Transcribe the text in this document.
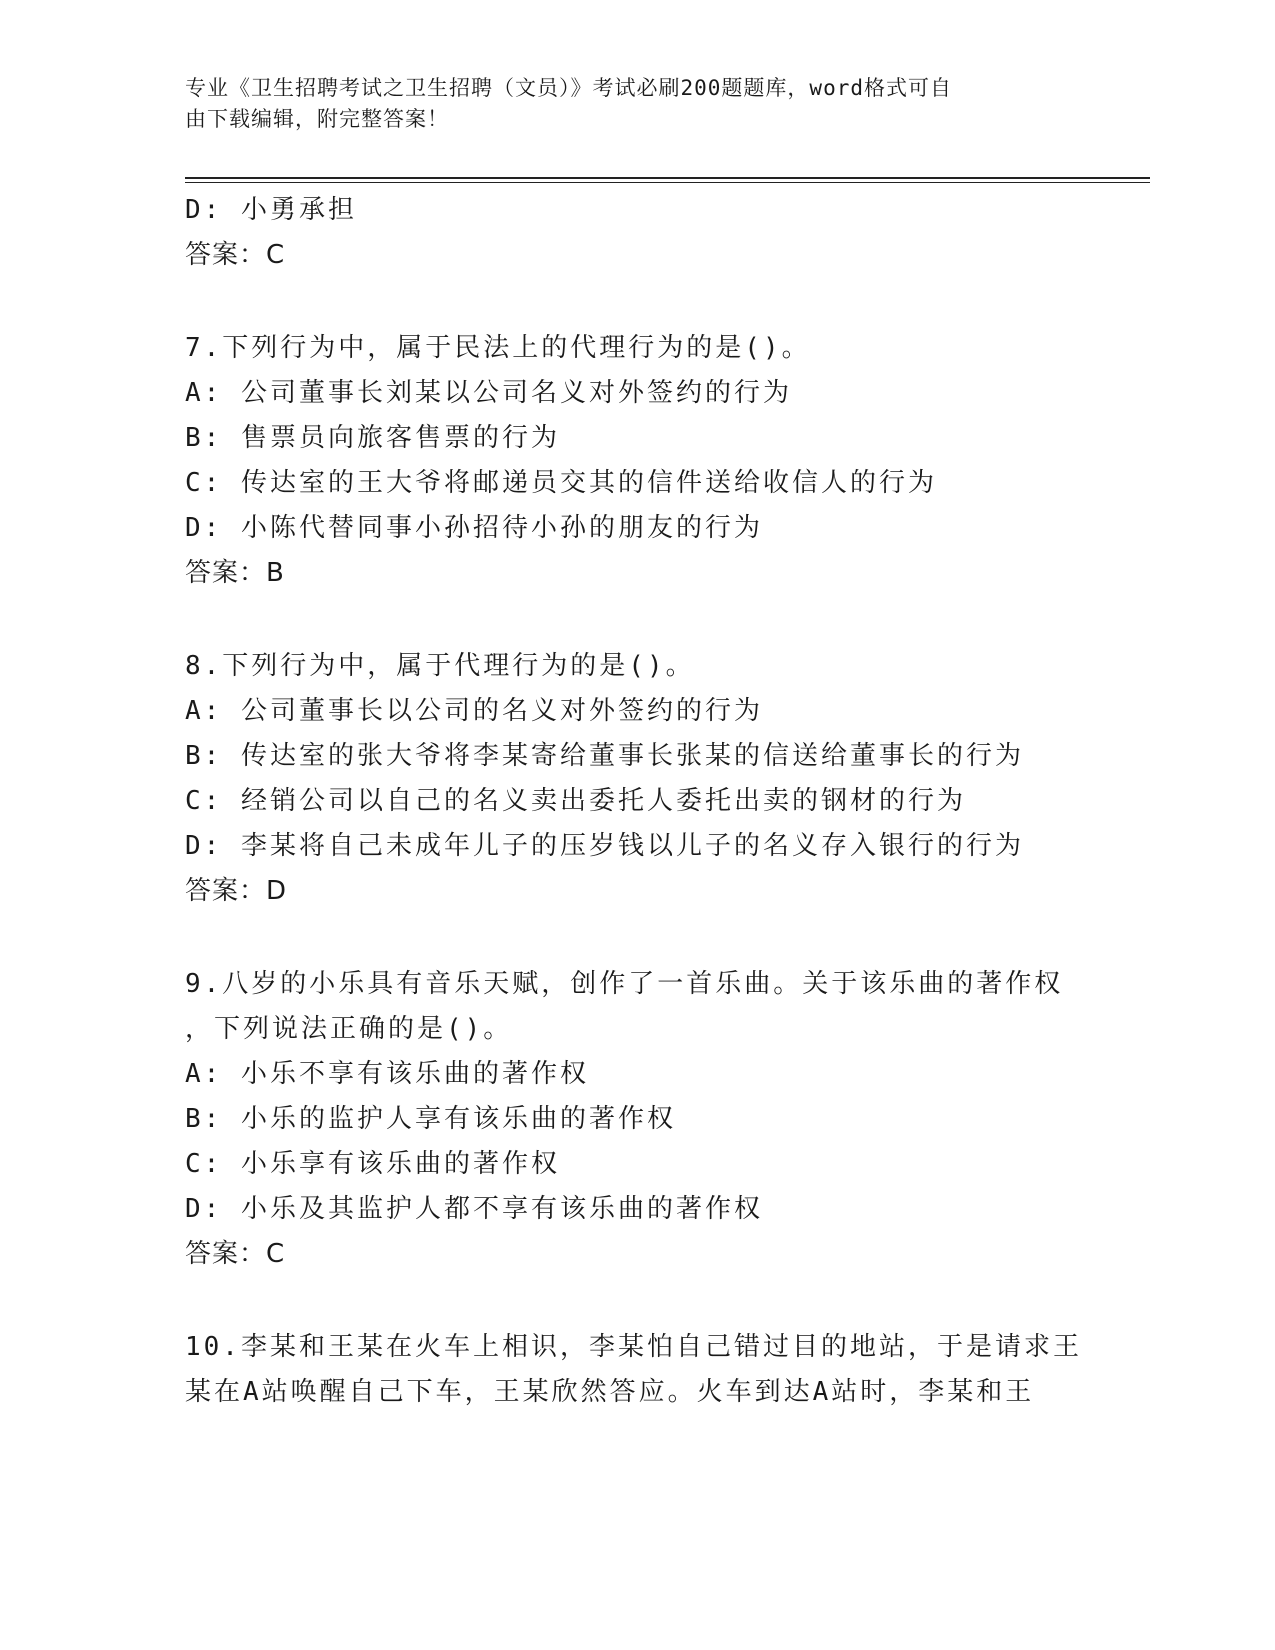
专业《卫生招聘考试之卫生招聘（文员）》考试必刷200题题库，word格式可自
由下载编辑，附完整答案！
D: 小勇承担
答案：C
7.下列行为中，属于民法上的代理行为的是()。
A: 公司董事长刘某以公司名义对外签约的行为
B: 售票员向旅客售票的行为
C: 传达室的王大爷将邮递员交其的信件送给收信人的行为
D: 小陈代替同事小孙招待小孙的朋友的行为
答案：B
8.下列行为中，属于代理行为的是()。
A: 公司董事长以公司的名义对外签约的行为
B: 传达室的张大爷将李某寄给董事长张某的信送给董事长的行为
C: 经销公司以自己的名义卖出委托人委托出卖的钢材的行为
D: 李某将自己未成年儿子的压岁钱以儿子的名义存入银行的行为
答案：D
9.八岁的小乐具有音乐天赋，创作了一首乐曲。关于该乐曲的著作权
，下列说法正确的是()。
A: 小乐不享有该乐曲的著作权
B: 小乐的监护人享有该乐曲的著作权
C: 小乐享有该乐曲的著作权
D: 小乐及其监护人都不享有该乐曲的著作权
答案：C
10.李某和王某在火车上相识，李某怕自己错过目的地站，于是请求王
某在A站唤醒自己下车，王某欣然答应。火车到达A站时，李某和王
